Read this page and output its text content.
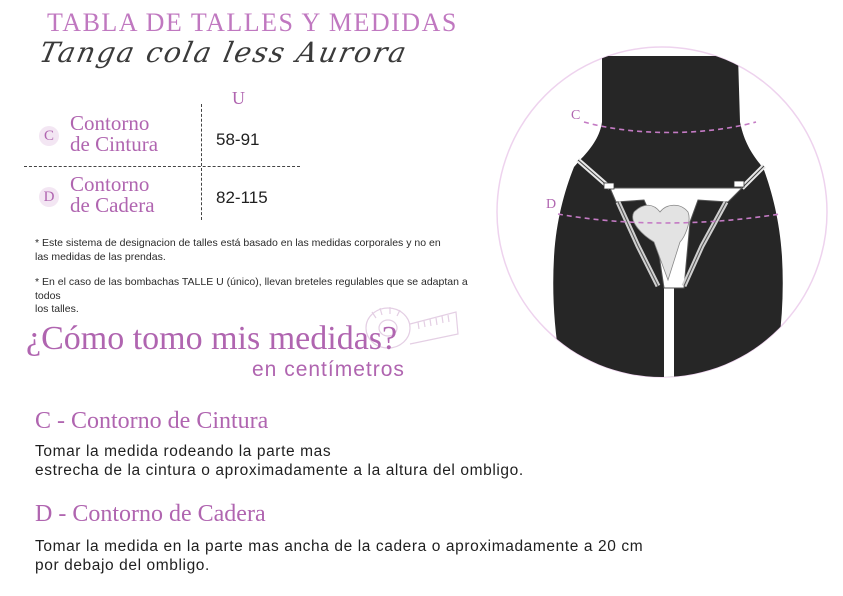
TABLA DE TALLES Y MEDIDAS
Tanga cola less Aurora
U
C
Contorno
de Cintura	58-91
D
Contorno
de Cadera	82-115
* Este sistema de designacion de talles está basado en las medidas corporales y no en las medidas de las prendas.
* En el caso de las bombachas TALLE U (único), llevan breteles regulables que se adaptan a todos
los talles.
¿Cómo tomo mis medidas?
en centímetros
C - Contorno de Cintura
Tomar la medida rodeando la parte mas
estrecha de la cintura o aproximadamente a la altura del ombligo.
D - Contorno de Cadera
Tomar la medida en la parte mas ancha de la cadera o aproximadamente a 20 cm
por debajo del ombligo.
C
D
